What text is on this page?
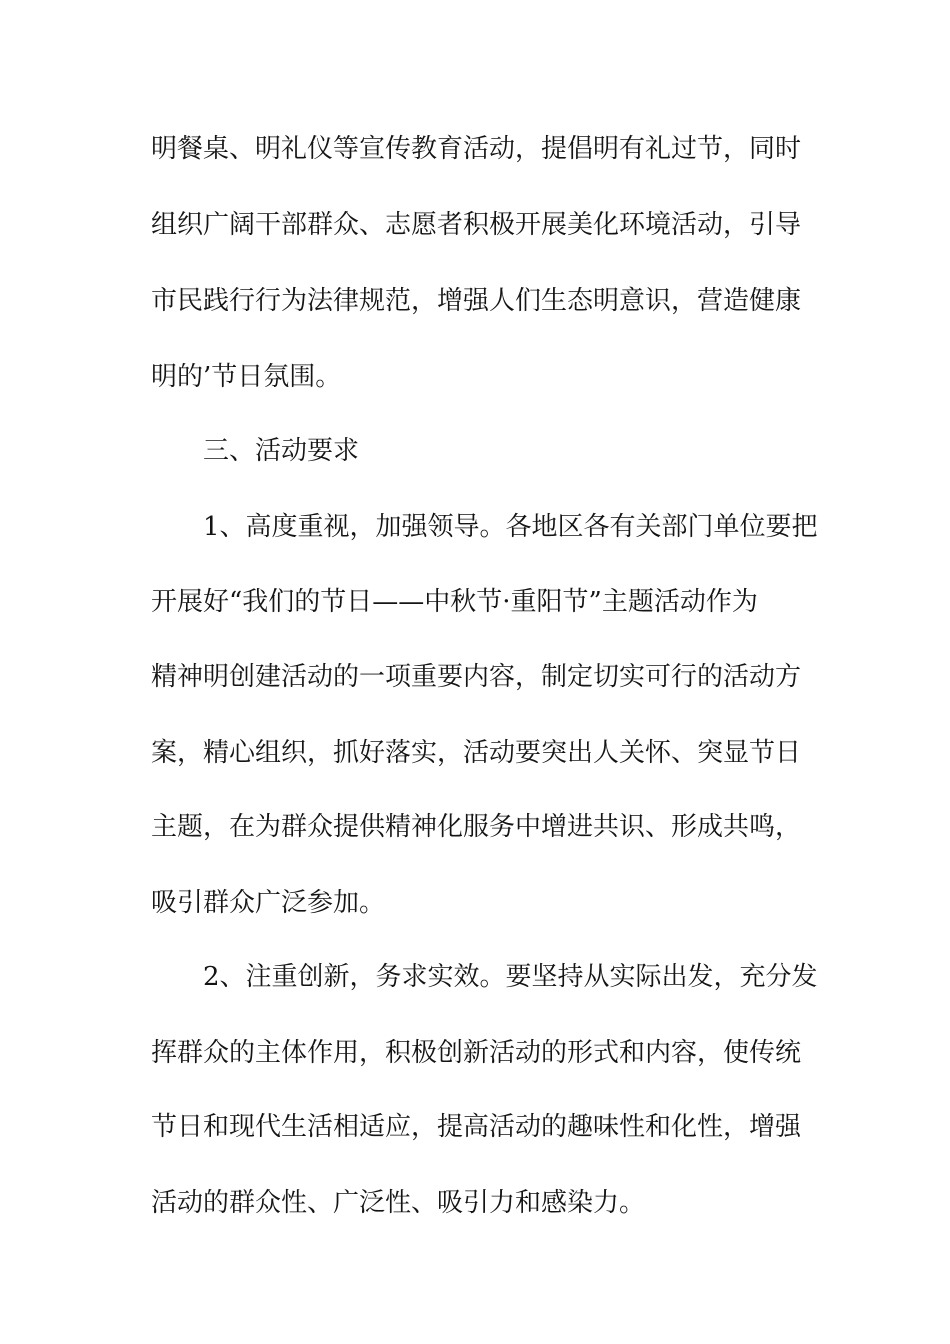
明餐桌、明礼仪等宣传教育活动，提倡明有礼过节，同时

组织广阔干部群众、志愿者积极开展美化环境活动，引导

市民践行行为法律规范，增强人们生态明意识，营造健康

明的’节日氛围。

三、活动要求

1、高度重视，加强领导。各地区各有关部门单位要把

开展好“我们的节日——中秋节·重阳节”主题活动作为

精神明创建活动的一项重要内容，制定切实可行的活动方

案，精心组织，抓好落实，活动要突出人关怀、突显节日

主题，在为群众提供精神化服务中增进共识、形成共鸣，

吸引群众广泛参加。

2、注重创新，务求实效。要坚持从实际出发，充分发

挥群众的主体作用，积极创新活动的形式和内容，使传统

节日和现代生活相适应，提高活动的趣味性和化性，增强

活动的群众性、广泛性、吸引力和感染力。
